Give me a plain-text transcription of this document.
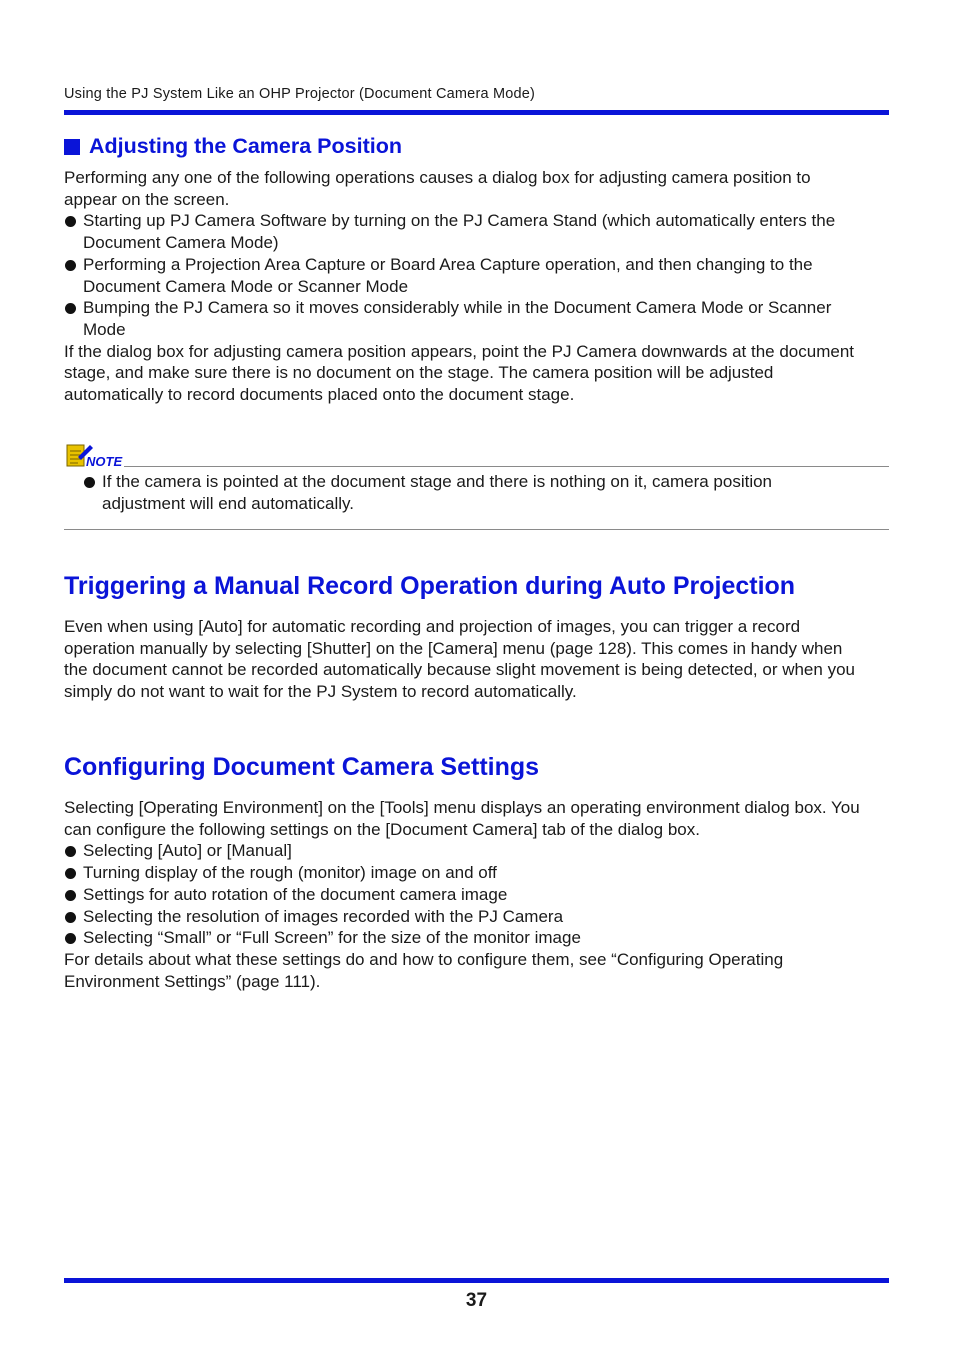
Using the PJ System Like an OHP Projector (Document Camera Mode)
Adjusting the Camera Position

Performing any one of the following operations causes a dialog box for adjusting camera position to appear on the screen.

Starting up PJ Camera Software by turning on the PJ Camera Stand (which automatically enters the Document Camera Mode)
Performing a Projection Area Capture or Board Area Capture operation, and then changing to the Document Camera Mode or Scanner Mode
Bumping the PJ Camera so it moves considerably while in the Document Camera Mode or Scanner Mode

If the dialog box for adjusting camera position appears, point the PJ Camera downwards at the document stage, and make sure there is no document on the stage. The camera position will be adjusted automatically to record documents placed onto the document stage.

NOTE
If the camera is pointed at the document stage and there is nothing on it, camera position adjustment will end automatically.
Triggering a Manual Record Operation during Auto Projection

Even when using [Auto] for automatic recording and projection of images, you can trigger a record operation manually by selecting [Shutter] on the [Camera] menu (page 128). This comes in handy when the document cannot be recorded automatically because slight movement is being detected, or when you simply do not want to wait for the PJ System to record automatically.

Configuring Document Camera Settings

Selecting [Operating Environment] on the [Tools] menu displays an operating environment dialog box. You can configure the following settings on the [Document Camera] tab of the dialog box.

Selecting [Auto] or [Manual]
Turning display of the rough (monitor) image on and off
Settings for auto rotation of the document camera image
Selecting the resolution of images recorded with the PJ Camera
Selecting “Small” or “Full Screen” for the size of the monitor image

For details about what these settings do and how to configure them, see “Configuring Operating Environment Settings” (page 111).

37
